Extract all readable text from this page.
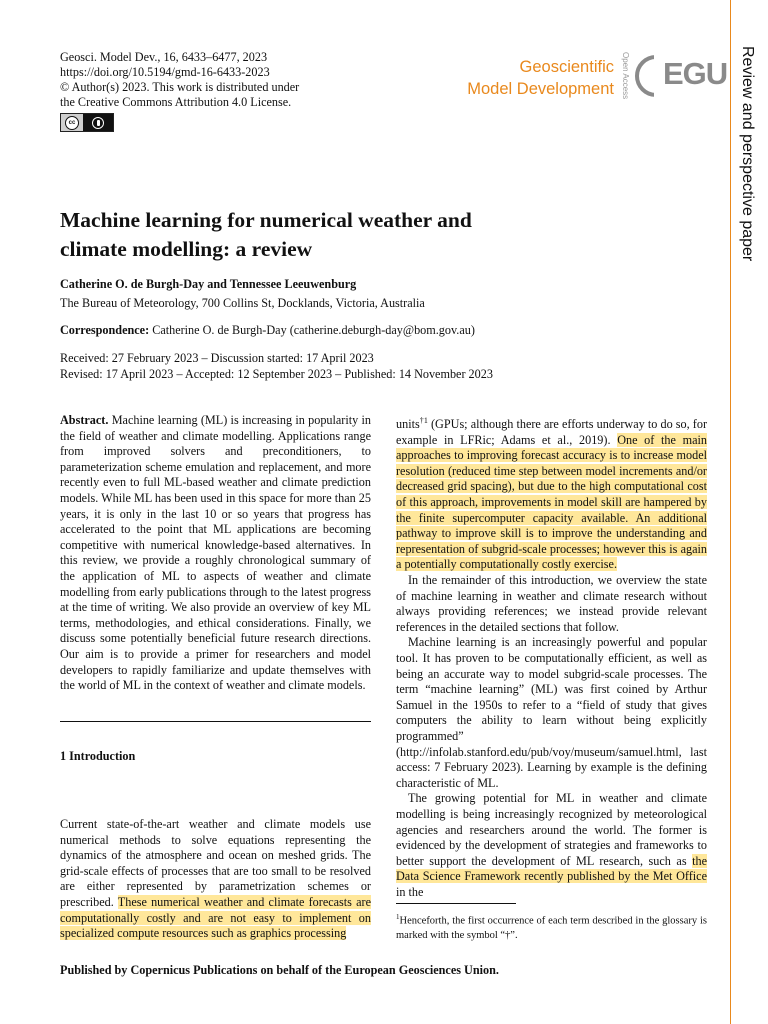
Geosci. Model Dev., 16, 6433–6477, 2023
https://doi.org/10.5194/gmd-16-6433-2023
© Author(s) 2023. This work is distributed under
the Creative Commons Attribution 4.0 License.
cc
Geoscientific
Model Development Open Access EGU Review and perspective paper
Machine learning for numerical weather and climate modelling: a review
Catherine O. de Burgh-Day and Tennessee Leeuwenburg
The Bureau of Meteorology, 700 Collins St, Docklands, Victoria, Australia
Correspondence: Catherine O. de Burgh-Day (catherine.deburgh-day@bom.gov.au)
Received: 27 February 2023 – Discussion started: 17 April 2023
Revised: 17 April 2023 – Accepted: 12 September 2023 – Published: 14 November 2023

Abstract. Machine learning (ML) is increasing in popularity in the field of weather and climate modelling. Applications range from improved solvers and preconditioners, to parameterization scheme emulation and replacement, and more recently even to full ML-based weather and climate prediction models. While ML has been used in this space for more than 25 years, it is only in the last 10 or so years that progress has accelerated to the point that ML applications are becoming competitive with numerical knowledge-based alternatives. In this review, we provide a roughly chronological summary of the application of ML to aspects of weather and climate modelling from early publications through to the latest progress at the time of writing. We also provide an overview of key ML terms, methodologies, and ethical considerations. Finally, we discuss some potentially beneficial future research directions. Our aim is to provide a primer for researchers and model developers to rapidly familiarize and update themselves with the world of ML in the context of weather and climate models.

1 Introduction

Current state-of-the-art weather and climate models use numerical methods to solve equations representing the dynamics of the atmosphere and ocean on meshed grids. The grid-scale effects of processes that are too small to be resolved are either represented by parametrization schemes or prescribed. These numerical weather and climate forecasts are computationally costly and are not easy to implement on specialized compute resources such as graphics processing

units$^{\dagger 1}$ (GPUs; although there are efforts underway to do so, for example in LFRic; Adams et al., 2019). One of the main approaches to improving forecast accuracy is to increase model resolution (reduced time step between model increments and/or decreased grid spacing), but due to the high computational cost of this approach, improvements in model skill are hampered by the finite supercomputer capacity available. An additional pathway to improve skill is to improve the understanding and representation of subgrid-scale processes; however this is again a potentially computationally costly exercise.

In the remainder of this introduction, we overview the state of machine learning in weather and climate research without always providing references; we instead provide relevant references in the detailed sections that follow.

Machine learning is an increasingly powerful and popular tool. It has proven to be computationally efficient, as well as being an accurate way to model subgrid-scale processes. The term “machine learning” (ML) was first coined by Arthur Samuel in the 1950s to refer to a “field of study that gives computers the ability to learn without being explicitly programmed” (http://infolab.stanford.edu/pub/voy/museum/samuel.html, last access: 7 February 2023). Learning by example is the defining characteristic of ML.

The growing potential for ML in weather and climate modelling is being increasingly recognized by meteorological agencies and researchers around the world. The former is evidenced by the development of strategies and frameworks to better support the development of ML research, such as the Data Science Framework recently published by the Met Office in the

$^1$Henceforth, the first occurrence of each term described in the glossary is marked with the symbol “†”.
Published by Copernicus Publications on behalf of the European Geosciences Union.
